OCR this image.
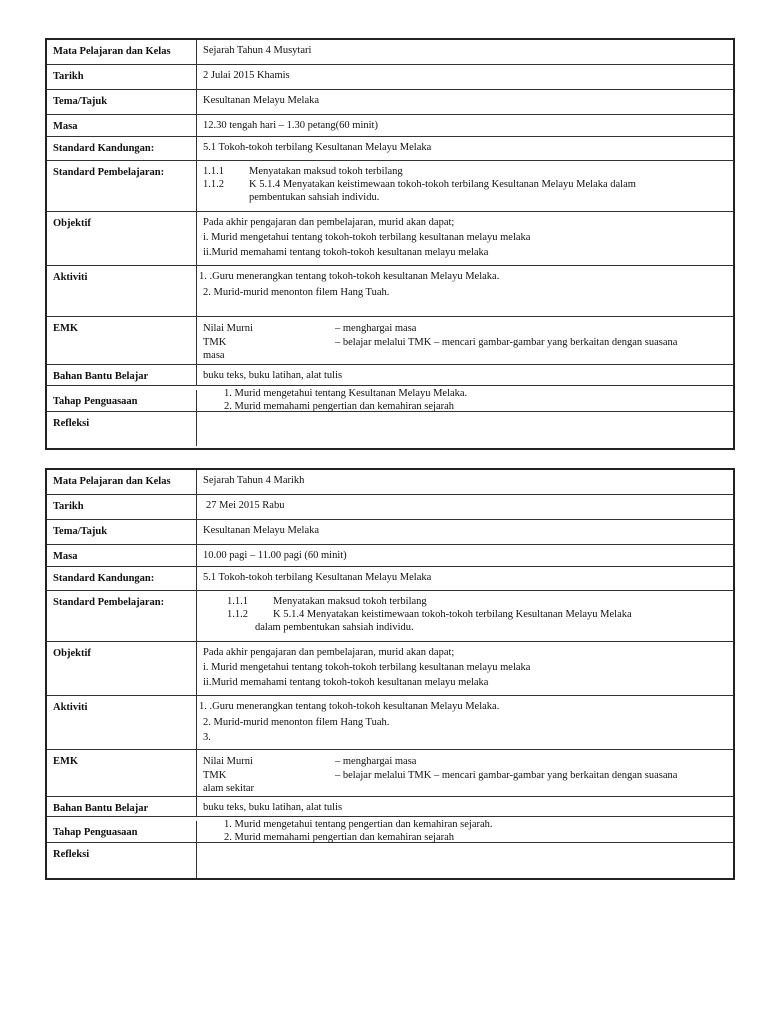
Mata Pelajaran dan Kelas	Sejarah Tahun 4 Musytari
Tarikh	2 Julai 2015 Khamis
Tema/Tajuk	Kesultanan Melayu Melaka
Masa	12.30 tengah hari – 1.30 petang(60 minit)
Standard Kandungan:	5.1 Tokoh-tokoh terbilang Kesultanan Melayu Melaka
Standard Pembelajaran:	1.1.1 Menyatakan maksud tokoh terbilang
1.1.2 K 5.1.4 Menyatakan keistimewaan tokoh-tokoh terbilang Kesultanan Melayu Melaka dalam
pembentukan sahsiah individu.
Objektif	Pada akhir pengajaran dan pembelajaran, murid akan dapat;
i. Murid mengetahui tentang tokoh-tokoh terbilang kesultanan melayu melaka
ii.Murid memahami tentang tokoh-tokoh kesultanan melayu melaka
Aktiviti	1. .Guru menerangkan tentang tokoh-tokoh kesultanan Melayu Melaka.
2. Murid-murid menonton filem Hang Tuah.
EMK	Nilai Murni	– menghargai masa
TMK	– belajar melalui TMK – mencari gambar-gambar yang berkaitan dengan suasana
masa
Bahan Bantu Belajar	buku teks, buku latihan, alat tulis
Tahap Penguasaan
1. Murid mengetahui tentang Kesultanan Melayu Melaka.
2. Murid memahami pengertian dan kemahiran sejarah
Refleksi
Mata Pelajaran dan Kelas	Sejarah Tahun 4 Marikh
Tarikh	27 Mei 2015 Rabu
Tema/Tajuk	Kesultanan Melayu Melaka
Masa	10.00 pagi – 11.00 pagi (60 minit)
Standard Kandungan:	5.1 Tokoh-tokoh terbilang Kesultanan Melayu Melaka
Standard Pembelajaran:	1.1.1 Menyatakan maksud tokoh terbilang
1.1.2 K 5.1.4 Menyatakan keistimewaan tokoh-tokoh terbilang Kesultanan Melayu Melaka
dalam pembentukan sahsiah individu.
Objektif	Pada akhir pengajaran dan pembelajaran, murid akan dapat;
i. Murid mengetahui tentang tokoh-tokoh terbilang kesultanan melayu melaka
ii.Murid memahami tentang tokoh-tokoh kesultanan melayu melaka
Aktiviti	1. .Guru menerangkan tentang tokoh-tokoh kesultanan Melayu Melaka.
2. Murid-murid menonton filem Hang Tuah.
3.
EMK	Nilai Murni	– menghargai masa
TMK	– belajar melalui TMK – mencari gambar-gambar yang berkaitan dengan suasana
alam sekitar
Bahan Bantu Belajar	buku teks, buku latihan, alat tulis
Tahap Penguasaan
1. Murid mengetahui tentang pengertian dan kemahiran sejarah.
2. Murid memahami pengertian dan kemahiran sejarah
Refleksi
